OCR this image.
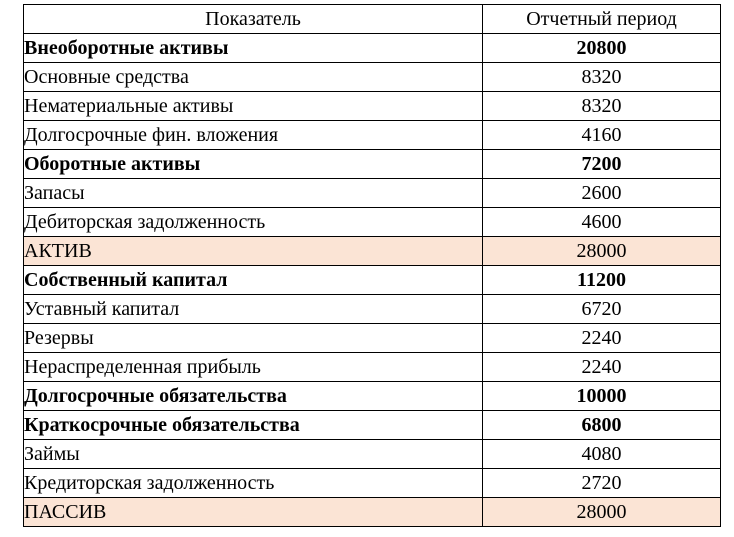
Показатель	Отчетный период
Внеоборотные активы	20800
Основные средства	8320
Нематериальные активы	8320
Долгосрочные фин. вложения	4160
Оборотные активы	7200
Запасы	2600
Дебиторская задолженность	4600
АКТИВ	28000
Собственный капитал	11200
Уставный капитал	6720
Резервы	2240
Нераспределенная прибыль	2240
Долгосрочные обязательства	10000
Краткосрочные обязательства	6800
Займы	4080
Кредиторская задолженность	2720
ПАССИВ	28000
